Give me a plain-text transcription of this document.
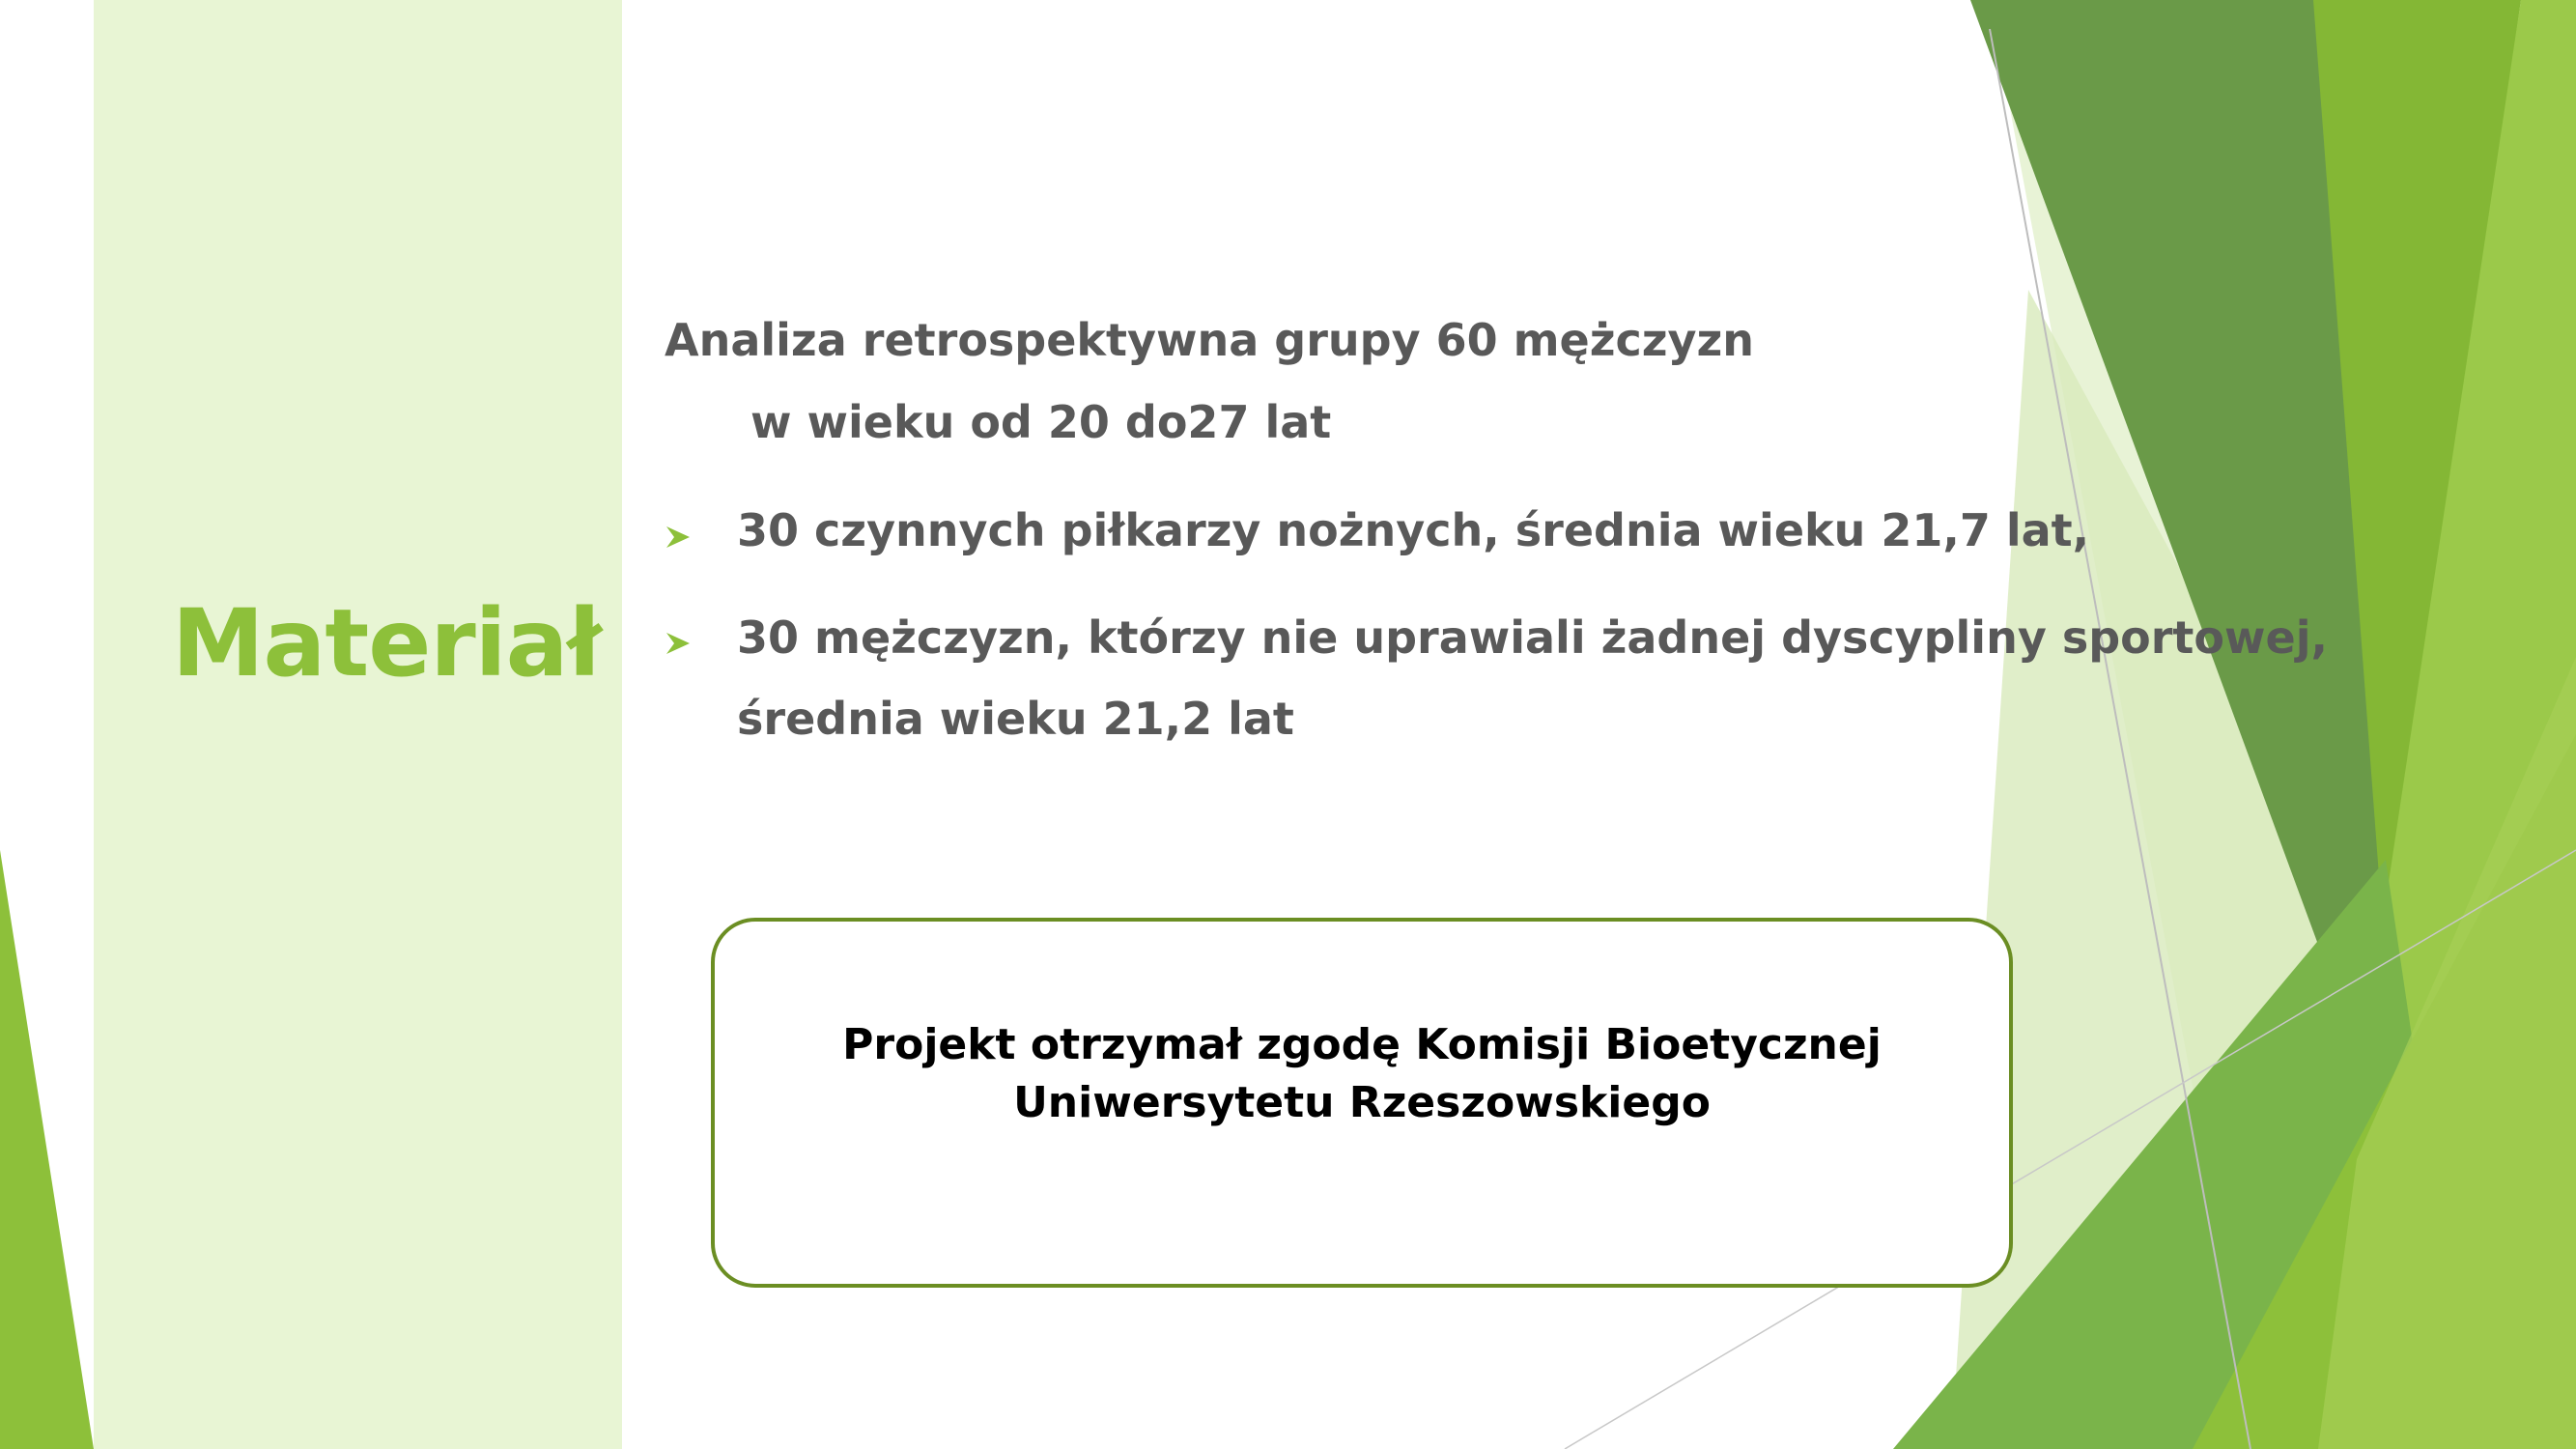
Materiał
Analiza retrospektywna grupy 60 mężczyzn
w wieku od 20 do27 lat
30 czynnych piłkarzy nożnych, średnia wieku 21,7 lat,
30 mężczyzn, którzy nie uprawiali żadnej dyscypliny sportowej,
średnia wieku 21,2 lat
Projekt otrzymał zgodę Komisji Bioetycznej
Uniwersytetu Rzeszowskiego
